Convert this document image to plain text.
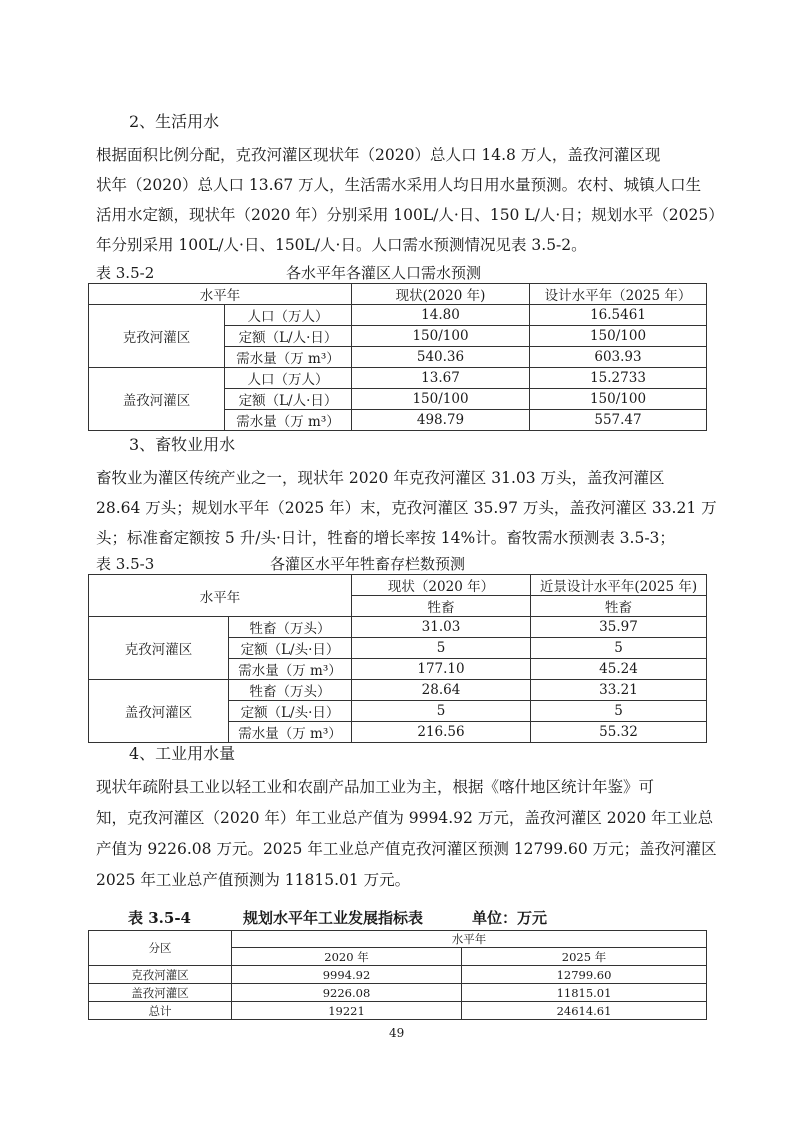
2、生活用水
根据面积比例分配，克孜河灌区现状年（2020）总人口 14.8 万人，盖孜河灌区现
状年（2020）总人口 13.67 万人，生活需水采用人均日用水量预测。农村、城镇人口生
活用水定额，现状年（2020 年）分别采用 100L/人·日、150 L/人·日；规划水平（2025）
年分别采用 100L/人·日、150L/人·日。人口需水预测情况见表 3.5-2。
表 3.5-2	各水平年各灌区人口需水预测
水平年		现状(2020 年)	设计水平年（2025 年）
克孜河灌区	人口（万人）	14.80	16.5461
	定额（L/人·日）	150/100	150/100
	需水量（万 m³）	540.36	603.93
盖孜河灌区	人口（万人）	13.67	15.2733
	定额（L/人·日）	150/100	150/100
	需水量（万 m³）	498.79	557.47
3、畜牧业用水
畜牧业为灌区传统产业之一，现状年 2020 年克孜河灌区 31.03 万头，盖孜河灌区
28.64 万头；规划水平年（2025 年）末，克孜河灌区 35.97 万头，盖孜河灌区 33.21 万
头；标准畜定额按 5 升/头·日计，牲畜的增长率按 14%计。畜牧需水预测表 3.5-3；
表 3.5-3	各灌区水平年牲畜存栏数预测
水平年		现状（2020 年）	近景设计水平年(2025 年)
		牲畜	牲畜
克孜河灌区	牲畜（万头）	31.03	35.97
	定额（L/头·日）	5	5
	需水量（万 m³）	177.10	45.24
盖孜河灌区	牲畜（万头）	28.64	33.21
	定额（L/头·日）	5	5
	需水量（万 m³）	216.56	55.32
4、工业用水量
现状年疏附县工业以轻工业和农副产品加工业为主，根据《喀什地区统计年鉴》可
知，克孜河灌区（2020 年）年工业总产值为 9994.92 万元，盖孜河灌区 2020 年工业总
产值为 9226.08 万元。2025 年工业总产值克孜河灌区预测 12799.60 万元；盖孜河灌区
2025 年工业总产值预测为 11815.01 万元。
表 3.5-4	规划水平年工业发展指标表	单位：万元
分区	水平年	
	2020 年	2025 年
克孜河灌区	9994.92	12799.60
盖孜河灌区	9226.08	11815.01
总计	19221	24614.61
49
